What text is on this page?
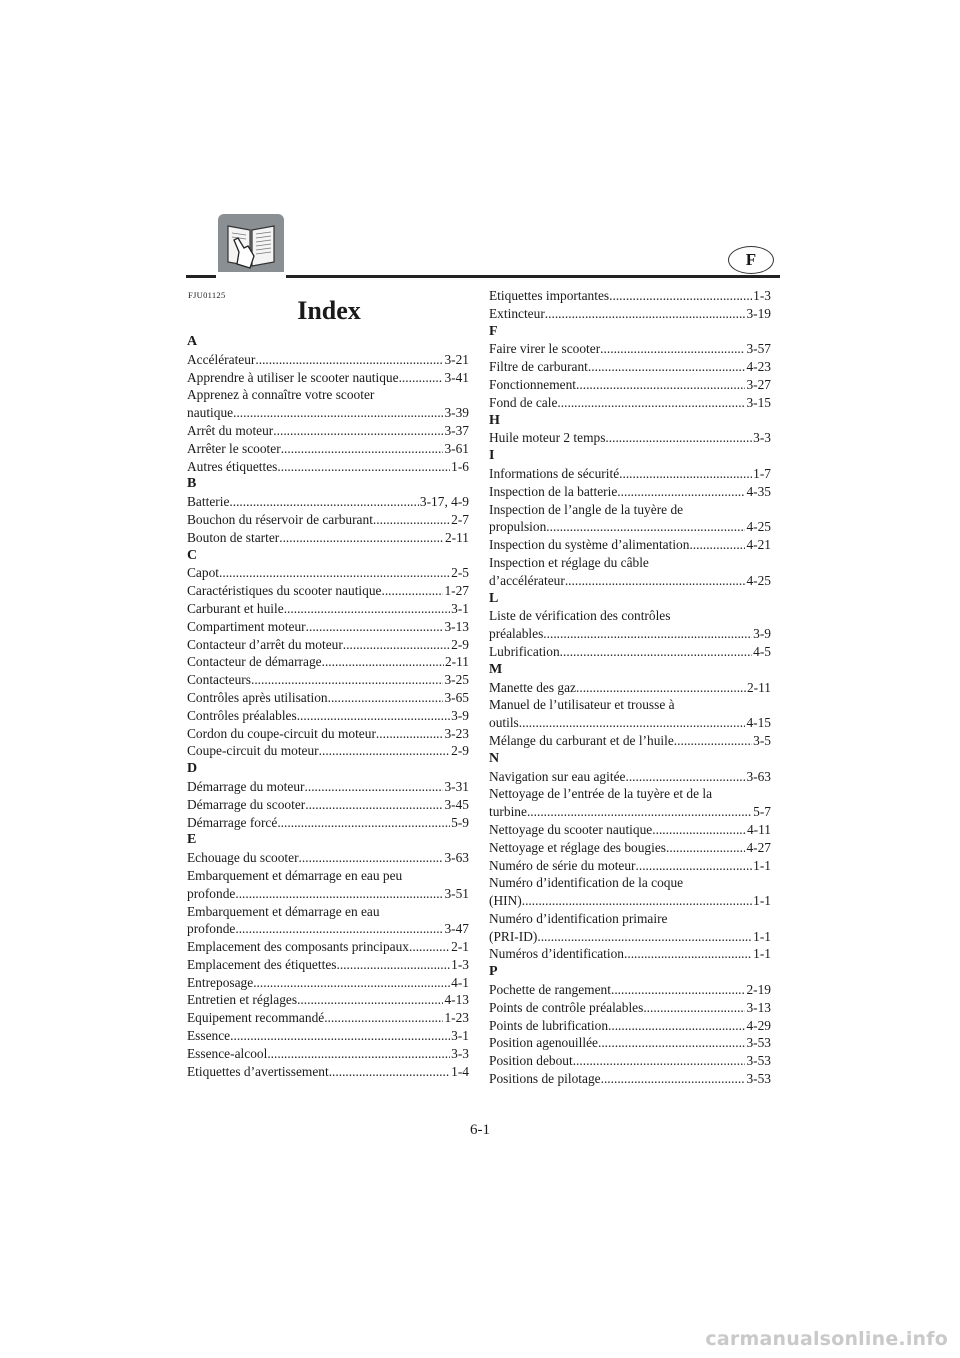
F
FJU01125
Index
A
Accélérateur .....	3-21
Apprendre à utiliser le scooter nautique .....	3-41
Apprenez à connaître votre scooter
nautique .....	3-39
Arrêt du moteur .....	3-37
Arrêter le scooter .....	3-61
Autres étiquettes .....	1-6
B
Batterie .....	3-17, 4-9
Bouchon du réservoir de carburant .....	2-7
Bouton de starter .....	2-11
C
Capot .....	2-5
Caractéristiques du scooter nautique .....	1-27
Carburant et huile .....	3-1
Compartiment moteur .....	3-13
Contacteur d’arrêt du moteur .....	2-9
Contacteur de démarrage .....	2-11
Contacteurs .....	3-25
Contrôles après utilisation .....	3-65
Contrôles préalables .....	3-9
Cordon du coupe-circuit du moteur .....	3-23
Coupe-circuit du moteur .....	2-9
D
Démarrage du moteur .....	3-31
Démarrage du scooter .....	3-45
Démarrage forcé .....	5-9
E
Echouage du scooter .....	3-63
Embarquement et démarrage en eau peu
profonde .....	3-51
Embarquement et démarrage en eau
profonde .....	3-47
Emplacement des composants principaux .....	2-1
Emplacement des étiquettes .....	1-3
Entreposage .....	4-1
Entretien et réglages .....	4-13
Equipement recommandé .....	1-23
Essence .....	3-1
Essence-alcool .....	3-3
Etiquettes d’avertissement .....	1-4
Etiquettes importantes .....	1-3
Extincteur .....	3-19
F
Faire virer le scooter .....	3-57
Filtre de carburant .....	4-23
Fonctionnement .....	3-27
Fond de cale .....	3-15
H
Huile moteur 2 temps .....	3-3
I
Informations de sécurité .....	1-7
Inspection de la batterie .....	4-35
Inspection de l’angle de la tuyère de
propulsion .....	4-25
Inspection du système d’alimentation .....	4-21
Inspection et réglage du câble
d’accélérateur .....	4-25
L
Liste de vérification des contrôles
préalables .....	3-9
Lubrification .....	4-5
M
Manette des gaz .....	2-11
Manuel de l’utilisateur et trousse à
outils .....	4-15
Mélange du carburant et de l’huile .....	3-5
N
Navigation sur eau agitée .....	3-63
Nettoyage de l’entrée de la tuyère et de la
turbine .....	5-7
Nettoyage du scooter nautique .....	4-11
Nettoyage et réglage des bougies .....	4-27
Numéro de série du moteur .....	1-1
Numéro d’identification de la coque
(HIN) .....	1-1
Numéro d’identification primaire
(PRI-ID) .....	1-1
Numéros d’identification .....	1-1
P
Pochette de rangement .....	2-19
Points de contrôle préalables .....	3-13
Points de lubrification .....	4-29
Position agenouillée .....	3-53
Position debout .....	3-53
Positions de pilotage .....	3-53
6-1
carmanualsonline.info
